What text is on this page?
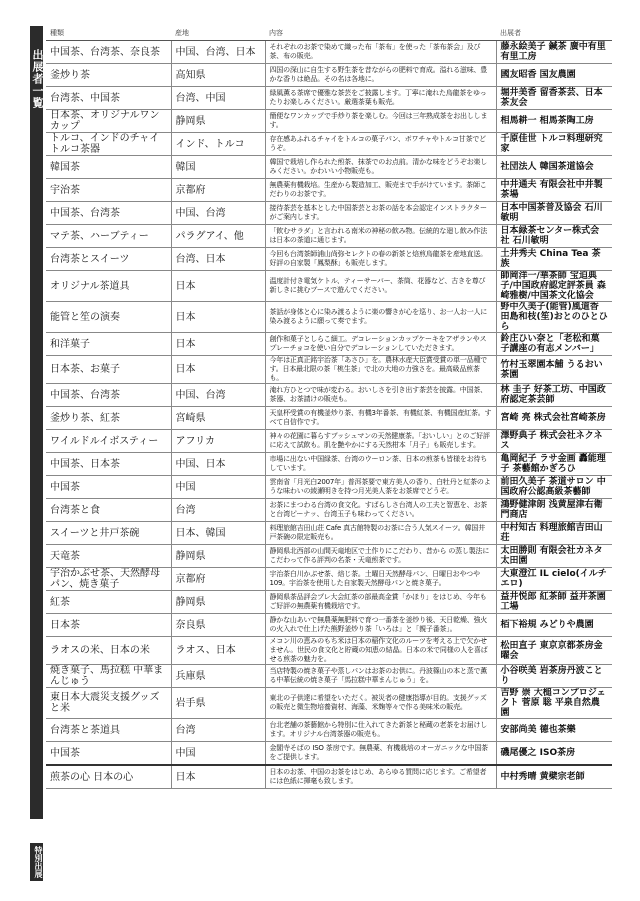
出展者一覧
特別出展
種類	産地	内容	出展者
中国茶、台湾茶、奈良茶	中国、台湾、日本	それぞれのお茶で染めて織った布「茶布」を使った「茶布茶会」及び茶、布の販売。	藤永絵美子 鍼茶 廣中有里 有里工房
釜炒り茶	高知県	四国の深山に自生する野生茶を昔ながらの肥料で育成。溢れる滋味、豊かな香りは絶品。その名は各地に。	國友昭香 国友農園
台湾茶、中国茶	台湾、中国	緑風薫る茶席で優雅な茶芸をご披露します。丁寧に淹れた烏龍茶をゆったりお楽しみください。厳選茶葉も販売。	堀井美香 留香茶芸、日本茶友会
日本茶、オリジナルワンカップ	静岡県	簡便なワンカップで手炒り茶を楽しむ。今回は三年熟成茶をお出しします。	相馬耕一 相馬茶陶工房
トルコ、インドのチャイ トルコ茶器	インド、トルコ	存在感あふれるチャイをトルコの菓子パン、ボワチャやトルコ甘茶でどうぞ。	千原佳世 トルコ料理研究家
韓国茶	韓国	韓国で栽培し作られた煎茶、抹茶でのお点前。清かな味をどうぞお楽しみください。かわいい小物販売も。	社団法人 韓国茶道協会
宇治茶	京都府	無農薬有機栽培。生産から製造加工、販売まで手がけています。茶師こだわりのお茶です。	中井通夫 有限会社中井製茶場
中国茶、台湾茶	中国、台湾	接待茶芸を基本とした中国茶芸とお茶の話を本会認定インストラクターがご案内します。	日本中国茶普及協会 石川敏明
マテ茶、ハーブティー	パラグアイ、他	「飲むサラダ」と言われる南米の神秘の飲み物。伝統的な廻し飲み作法は日本の茶道に通じます。	日本緑茶センター株式会社 石川敏明
台湾茶とスイーツ	台湾、日本	今回も台湾茶師浦山尚弥セレクトの春の新茶と焙煎烏龍茶を産地直送。好評の自家製「鳳梨酥」も販売します。	土井秀夫 China Tea 茶族
オリジナル茶道具	日本	温度計付き電気ケトル、ティーサーバー、茶筒、花器など、古きを尊び新しきに挑むブースで遊んでください。	師岡洋一/華茶師 宝迫典子/中国政府認定評茶員 森崎雅樹/中国茶文化協会
能管と笙の演奏	日本	茶話が身体と心に染み渡るように楽の響きが心を巡り、お一人お一人に染み渡るように願って奏でます。	野中久美子(能管)風道香 田島和枝(笙)おとのひとひら
和洋菓子	日本	創作和菓子としらこ細工。デコレーションカップケーキをアザランやスプレーチョコを使い自分でデコレーションしていただきます。	鈴庄ひい奈と「老松和菓子講座の有志メンバー」
日本茶、お菓子	日本	今年は正真正銘宇治茶「あさひ」を。農林水産大臣賞受賞の単一品種です。日本最北限の茶「桃生茶」で北の大地の力強さを。最高級品煎茶も。	竹村玉翠園本舗 うるおい茶園
中国茶、台湾茶	中国、台湾	淹れ方ひとつで味が変わる。おいしさを引き出す茶芸を披露。中国茶、茶器、お茶請けの販売も。	林 圭子 好茶工坊、中国政府認定茶芸師
釜炒り茶、紅茶	宮崎県	天皇杯受賞の有機釜炒り茶、有機3年番茶、有機紅茶、有機国産紅茶。すべて自信作です。	宮崎 亮 株式会社宮崎茶房
ワイルドルイボスティー	アフリカ	神々の花園に暮らすブッシュマンの天然健康茶。「おいしい」とのご好評に応えて試飲も。肌を艶やかにする天然柑本「月子」も販売します。	澤野典子 株式会社ネクネス
中国茶、日本茶	中国、日本	市場に出ない中国緑茶、台湾のウーロン茶、日本の煎茶も皆様をお待ちしています。	亀岡紀子 ラサ金画 轟能理子 茶藝館かぎろひ
中国茶	中国	雲南省「月光白2007年」普洱茶要で東方美人の香り、白牡丹と紅茶のような味わいの綾瀬明きを持つ月光美人茶をお茶席でどうぞ。	前田久美子 茶道サロン 中国政府公認高級茶藝師
台湾茶と食	台湾	お茶にまつわる台湾の食文化。すばらしさ台湾人の工夫と智恵を、お茶と台湾ピーナッ、台湾玉子も味わってください。	鴻野健津朗 浅黄屋津右衛門商店
スイーツと井戸茶碗	日本、韓国	料理旅館吉田山荘 Cafe 真古館特製のお茶に合う人気スイーツ。韓国井戸茶碗の限定販売も。	中村知古 料理旅館吉田山荘
天竜茶	静岡県	静岡県北西部の山間天竜地区で土作りにこだわり、昔から の蒸し製法にこだわって作る評判の名茶・天竜煎茶です。	太田勝則 有限会社カネタ太田園
宇治かぶせ茶、天然酵母パン、焼き菓子	京都府	宇治茶白川かぶせ茶、焙じ茶。土曜日天然酵母パン、日曜日おやつや109。宇治茶を使用した自家製天然酵母パンと焼き菓子。	大東澄江 IL cielo(イルチエロ)
紅茶	静岡県	静岡県茶品評会プレ大会紅茶の部最高金賞「かほり」をはじめ、今年もご好評の無農薬有機栽培です。	益井悦郎 紅茶師 益井茶園工場
日本茶	奈良県	静かな山あいで無農薬無肥料で育つ一番茶を釜炒り後、天日乾燥、強火の火入れで仕上げた熊野釜炒り茶「いろは」と「親子番茶」。	栢下裕規 みどりや農園
ラオスの米、日本の米	ラオス、日本	メコン川の恵みのもち米は日本の稲作文化のルーツを考える上で欠かせません。世民の食文化と貯蔵の知恵の結晶。日本の米で同様の人を喜ばせる煎茶の魅力を。	松田直子 東京京都茶房金曜会
焼き菓子、馬拉糕 中華まんじゅう	兵庫県	当店特製の焼き菓子や蒸しパンはお茶のお供に。丹波篠山の本と蒸で薫る中華伝統の焼き菓子「馬拉糕中華まんじゅう」を。	小谷咲美 岩茶房丹波ことり
東日本大震災支援グッズと米	岩手県	東北の子供達に希望をいただく。被災者の健康指導が目的。支援グッズの販売と微生物培養資材、海藻、米麹等々で作る美味米の販売。	吉野 崇 大槌コンプロジェクト 菅原 聡 平泉自然農園
台湾茶と茶道具	台湾	台北老舗の茶藝館から特別に仕入れてきた新茶と秘蔵の老茶をお届けします。オリジナル台湾茶器の販売も。	安部尚美 德也茶樂
中国茶	中国	金閣寺そばの ISO 茶房です。無農薬、有機栽培のオーガニックな中国茶をご提供します。	磯尾優之 ISO茶房
煎茶の心 日本の心	日本	日本のお茶、中国のお茶をはじめ、あらゆる質問に応じます。ご希望者には色紙に揮毫も致します。	中村秀晴 黄檗宗老師
